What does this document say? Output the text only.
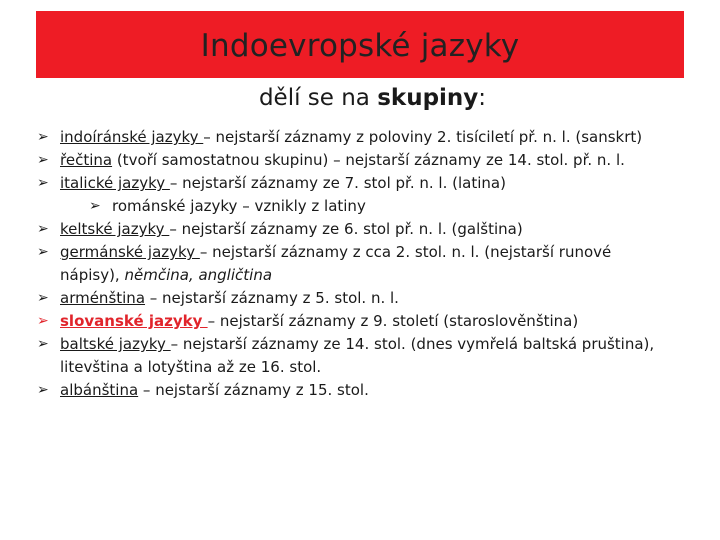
Indoevropské jazyky
dělí se na skupiny:
➢ indoíránské jazyky – nejstarší záznamy z poloviny 2. tisíciletí př. n. l. (sanskrt)
➢ řečtina (tvoří samostatnou skupinu) – nejstarší záznamy ze 14. stol. př. n. l.
➢ italické jazyky – nejstarší záznamy ze 7. stol př. n. l. (latina)
➢ románské jazyky – vznikly z latiny
➢ keltské jazyky – nejstarší záznamy ze 6. stol př. n. l. (galština)
➢ germánské jazyky – nejstarší záznamy z cca 2. stol. n. l. (nejstarší runové
nápisy), němčina, angličtina
➢ arménština – nejstarší záznamy z 5. stol. n. l.
➢ slovanské jazyky – nejstarší záznamy z 9. století (staroslověnština)
➢ baltské jazyky – nejstarší záznamy ze 14. stol. (dnes vymřelá baltská pruština),
litevština a lotyština až ze 16. stol.
➢ albánština – nejstarší záznamy z 15. stol.
